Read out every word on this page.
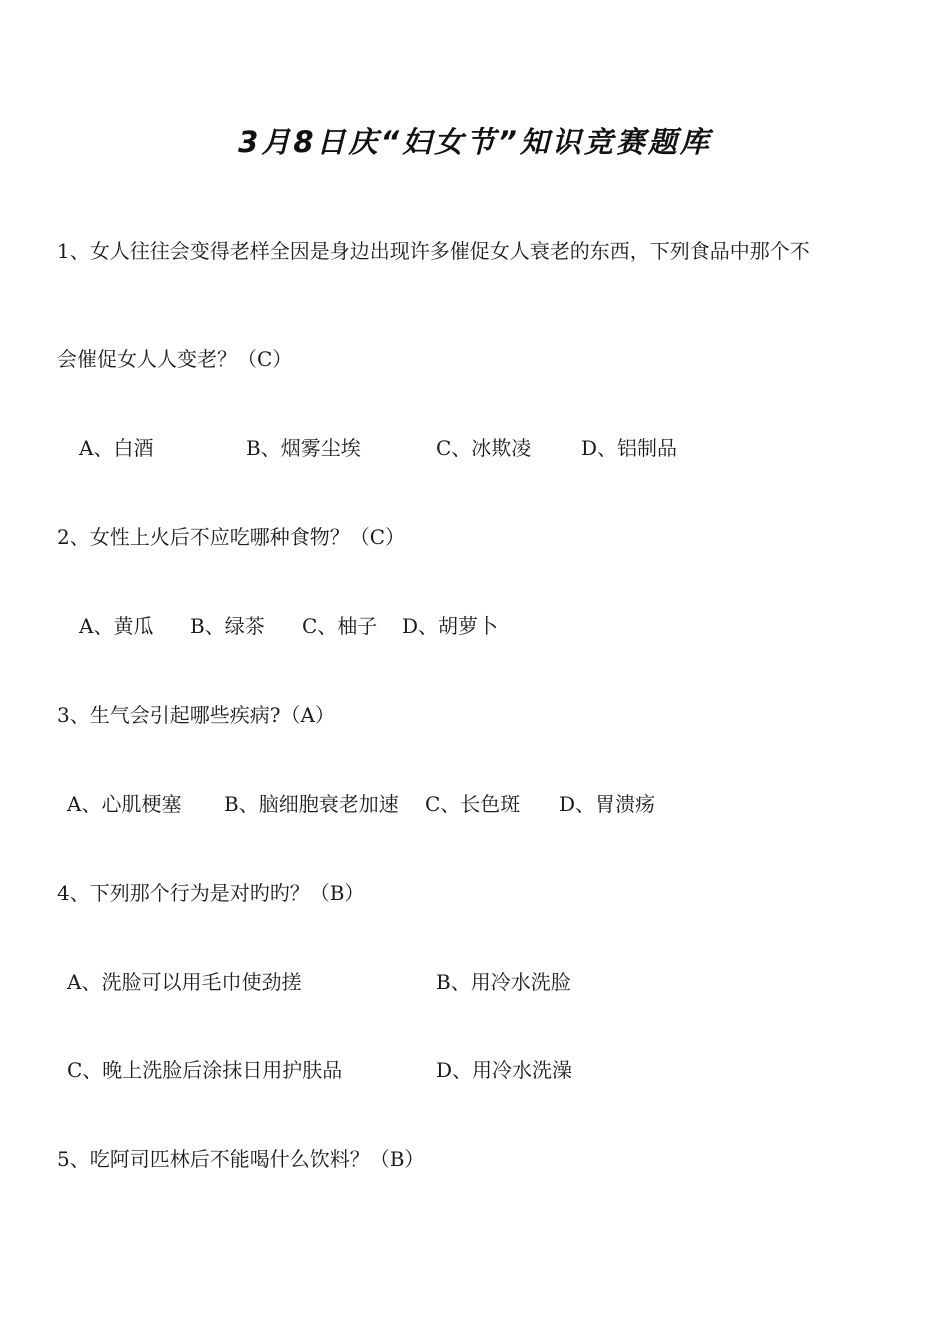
3月8日庆“妇女节”知识竞赛题库
1、女人往往会变得老样全因是身边出现许多催促女人衰老的东西，下列食品中那个不
会催促女人人变老？（C）
A、白酒	B、烟雾尘埃	C、冰欺凌 D、铝制品
2、女性上火后不应吃哪种食物？（C）
A、黄瓜 B、绿茶 C、柚子 D、胡萝卜
3、生气会引起哪些疾病?（A）
A、心肌梗塞 B、脑细胞衰老加速 C、长色斑 D、胃溃疡
4、下列那个行为是对旳旳？（B）
A、洗脸可以用毛巾使劲搓	B、用冷水洗脸
C、晚上洗脸后涂抹日用护肤品	D、用冷水洗澡
5、吃阿司匹林后不能喝什么饮料？（B）
